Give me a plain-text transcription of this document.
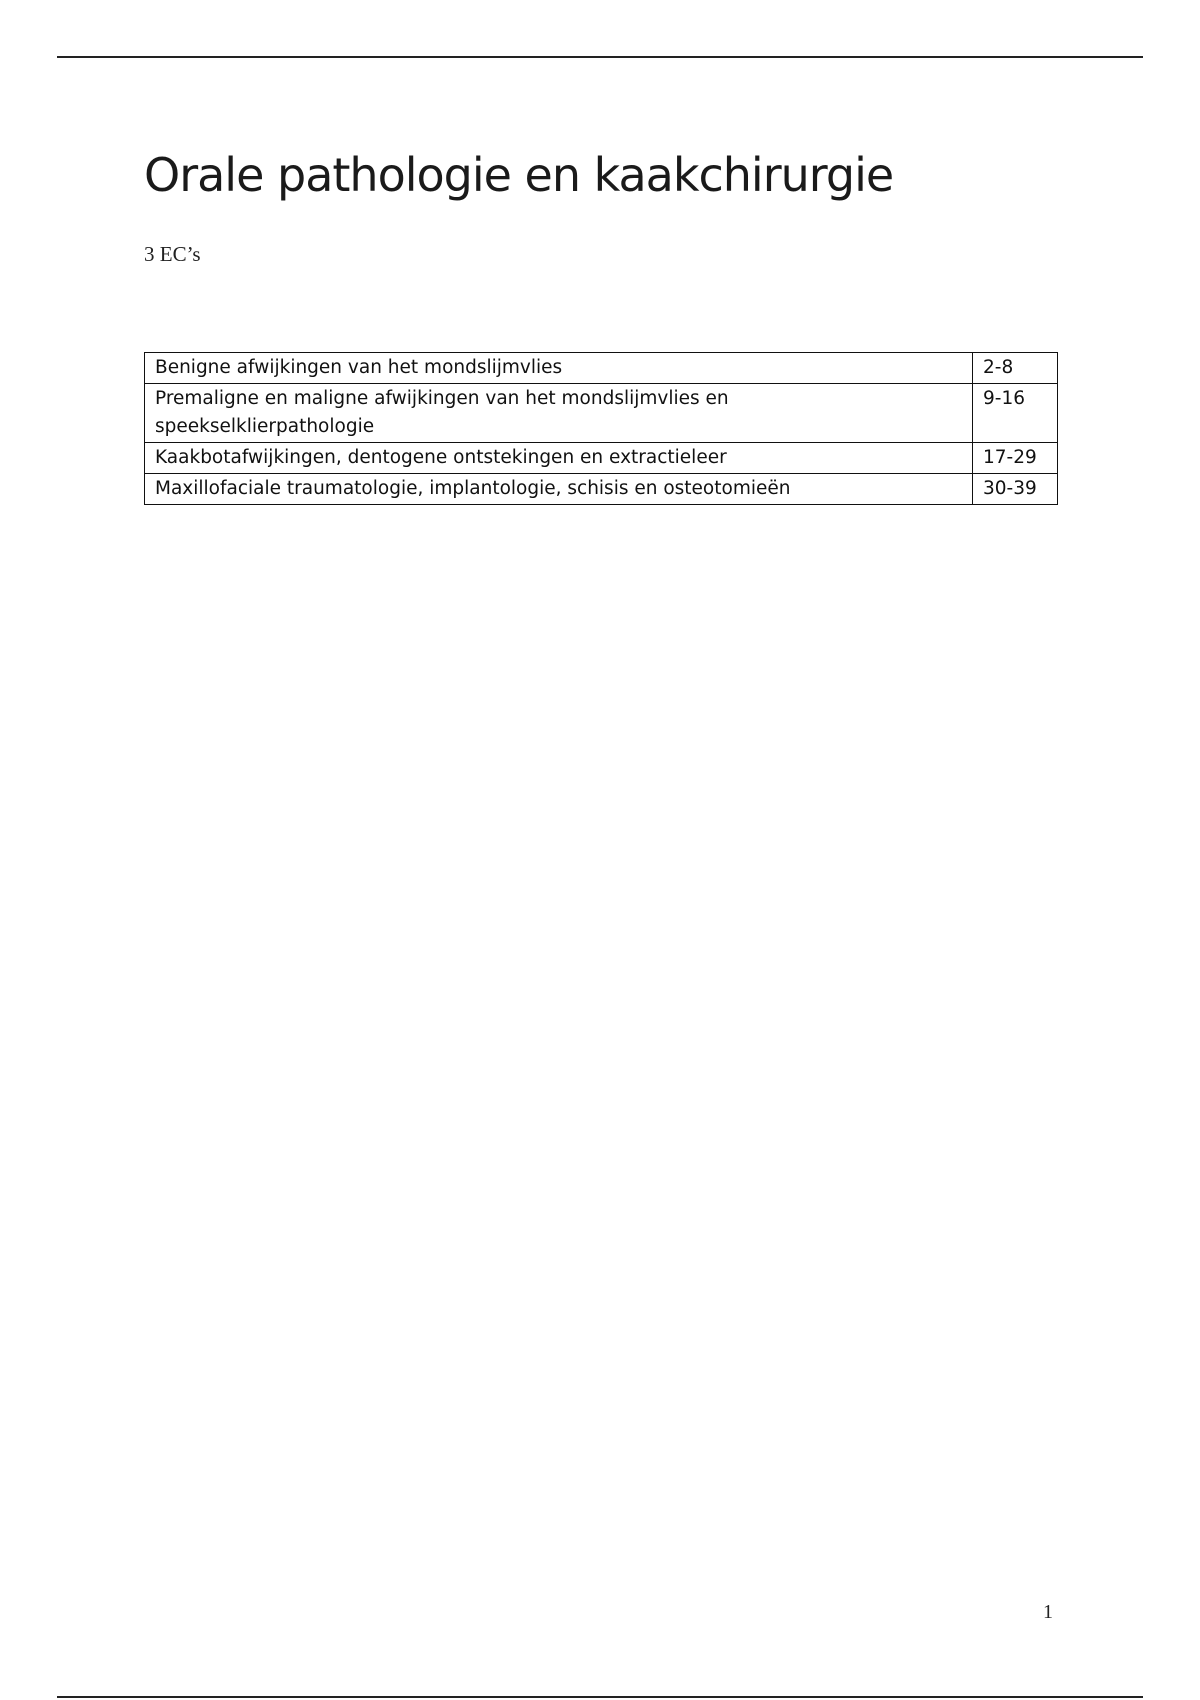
Orale pathologie en kaakchirurgie
3 EC’s
Benigne afwijkingen van het mondslijmvlies	2-8
Premaligne en maligne afwijkingen van het mondslijmvlies en speekselklierpathologie	9-16
Kaakbotafwijkingen, dentogene ontstekingen en extractieleer	17-29
Maxillofaciale traumatologie, implantologie, schisis en osteotomieën	30-39
1
